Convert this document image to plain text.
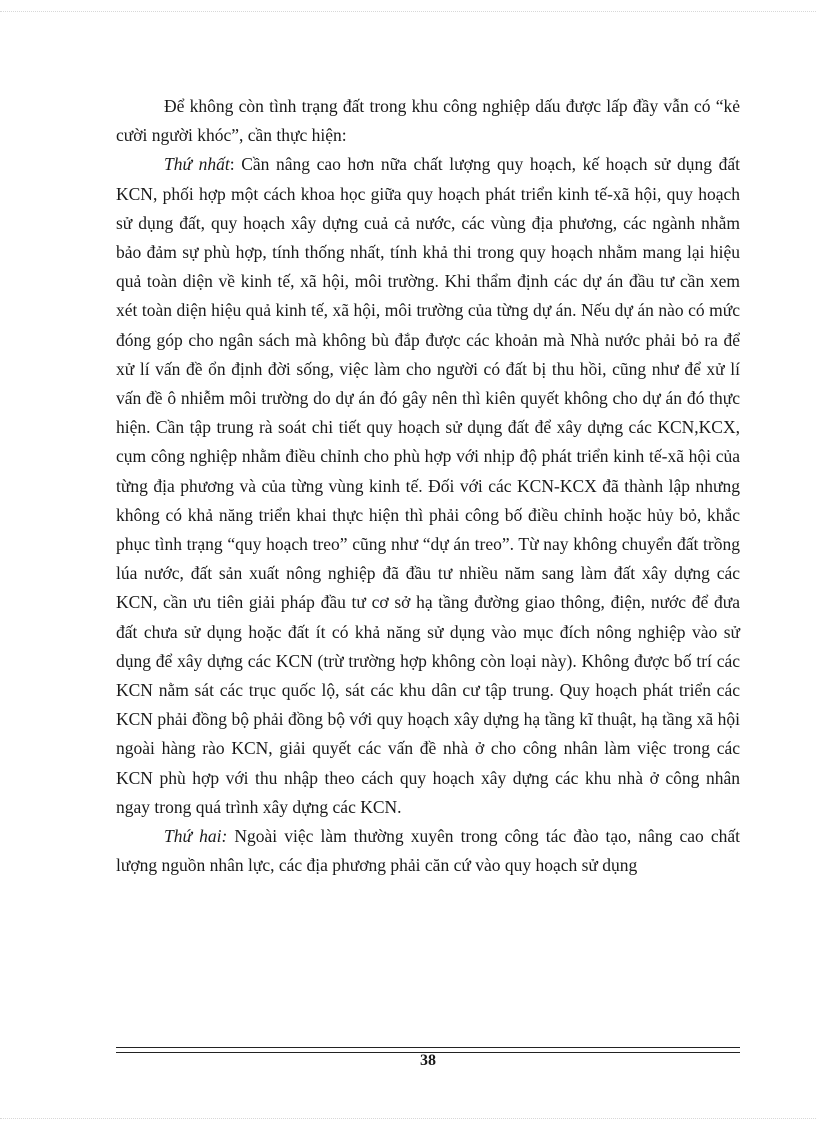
Để không còn tình trạng đất trong khu công nghiệp dấu được lấp đầy vẫn có “kẻ cười người khóc”, cần thực hiện:

Thứ nhất: Cần nâng cao hơn nữa chất lượng quy hoạch, kế hoạch sử dụng đất KCN, phối hợp một cách khoa học giữa quy hoạch phát triển kinh tế-xã hội, quy hoạch sử dụng đất, quy hoạch xây dựng cuả cả nước, các vùng địa phương, các ngành nhằm bảo đảm sự phù hợp, tính thống nhất, tính khả thi trong quy hoạch nhằm mang lại hiệu quả toàn diện về kinh tế, xã hội, môi trường. Khi thẩm định các dự án đầu tư cần xem xét toàn diện hiệu quả kinh tế, xã hội, môi trường của từng dự án. Nếu dự án nào có mức đóng góp cho ngân sách mà không bù đắp được các khoản mà Nhà nước phải bỏ ra để xử lí vấn đề ổn định đời sống, việc làm cho người có đất bị thu hồi, cũng như để xử lí vấn đề ô nhiễm môi trường do dự án đó gây nên thì kiên quyết không cho dự án đó thực hiện. Cần tập trung rà soát chi tiết quy hoạch sử dụng đất để xây dựng các KCN,KCX, cụm công nghiệp nhằm điều chỉnh cho phù hợp với nhịp độ phát triển kinh tế-xã hội của từng địa phương và của từng vùng kinh tế. Đối với các KCN-KCX đã thành lập nhưng không có khả năng triển khai thực hiện thì phải công bố điều chỉnh hoặc hủy bỏ, khắc phục tình trạng “quy hoạch treo” cũng như “dự án treo”. Từ nay không chuyển đất trồng lúa nước, đất sản xuất nông nghiệp đã đầu tư nhiều năm sang làm đất xây dựng các KCN, cần ưu tiên giải pháp đầu tư cơ sở hạ tầng đường giao thông, điện, nước để đưa đất chưa sử dụng hoặc đất ít có khả năng sử dụng vào mục đích nông nghiệp vào sử dụng để xây dựng các KCN (trừ trường hợp không còn loại này). Không được bố trí các KCN nằm sát các trục quốc lộ, sát các khu dân cư tập trung. Quy hoạch phát triển các KCN phải đồng bộ phải đồng bộ với quy hoạch xây dựng hạ tầng kĩ thuật, hạ tầng xã hội ngoài hàng rào KCN, giải quyết các vấn đề nhà ở cho công nhân làm việc trong các KCN phù hợp với thu nhập theo cách quy hoạch xây dựng các khu nhà ở công nhân ngay trong quá trình xây dựng các KCN.

Thứ hai: Ngoài việc làm thường xuyên trong công tác đào tạo, nâng cao chất lượng nguồn nhân lực, các địa phương phải căn cứ vào quy hoạch sử dụng

38
